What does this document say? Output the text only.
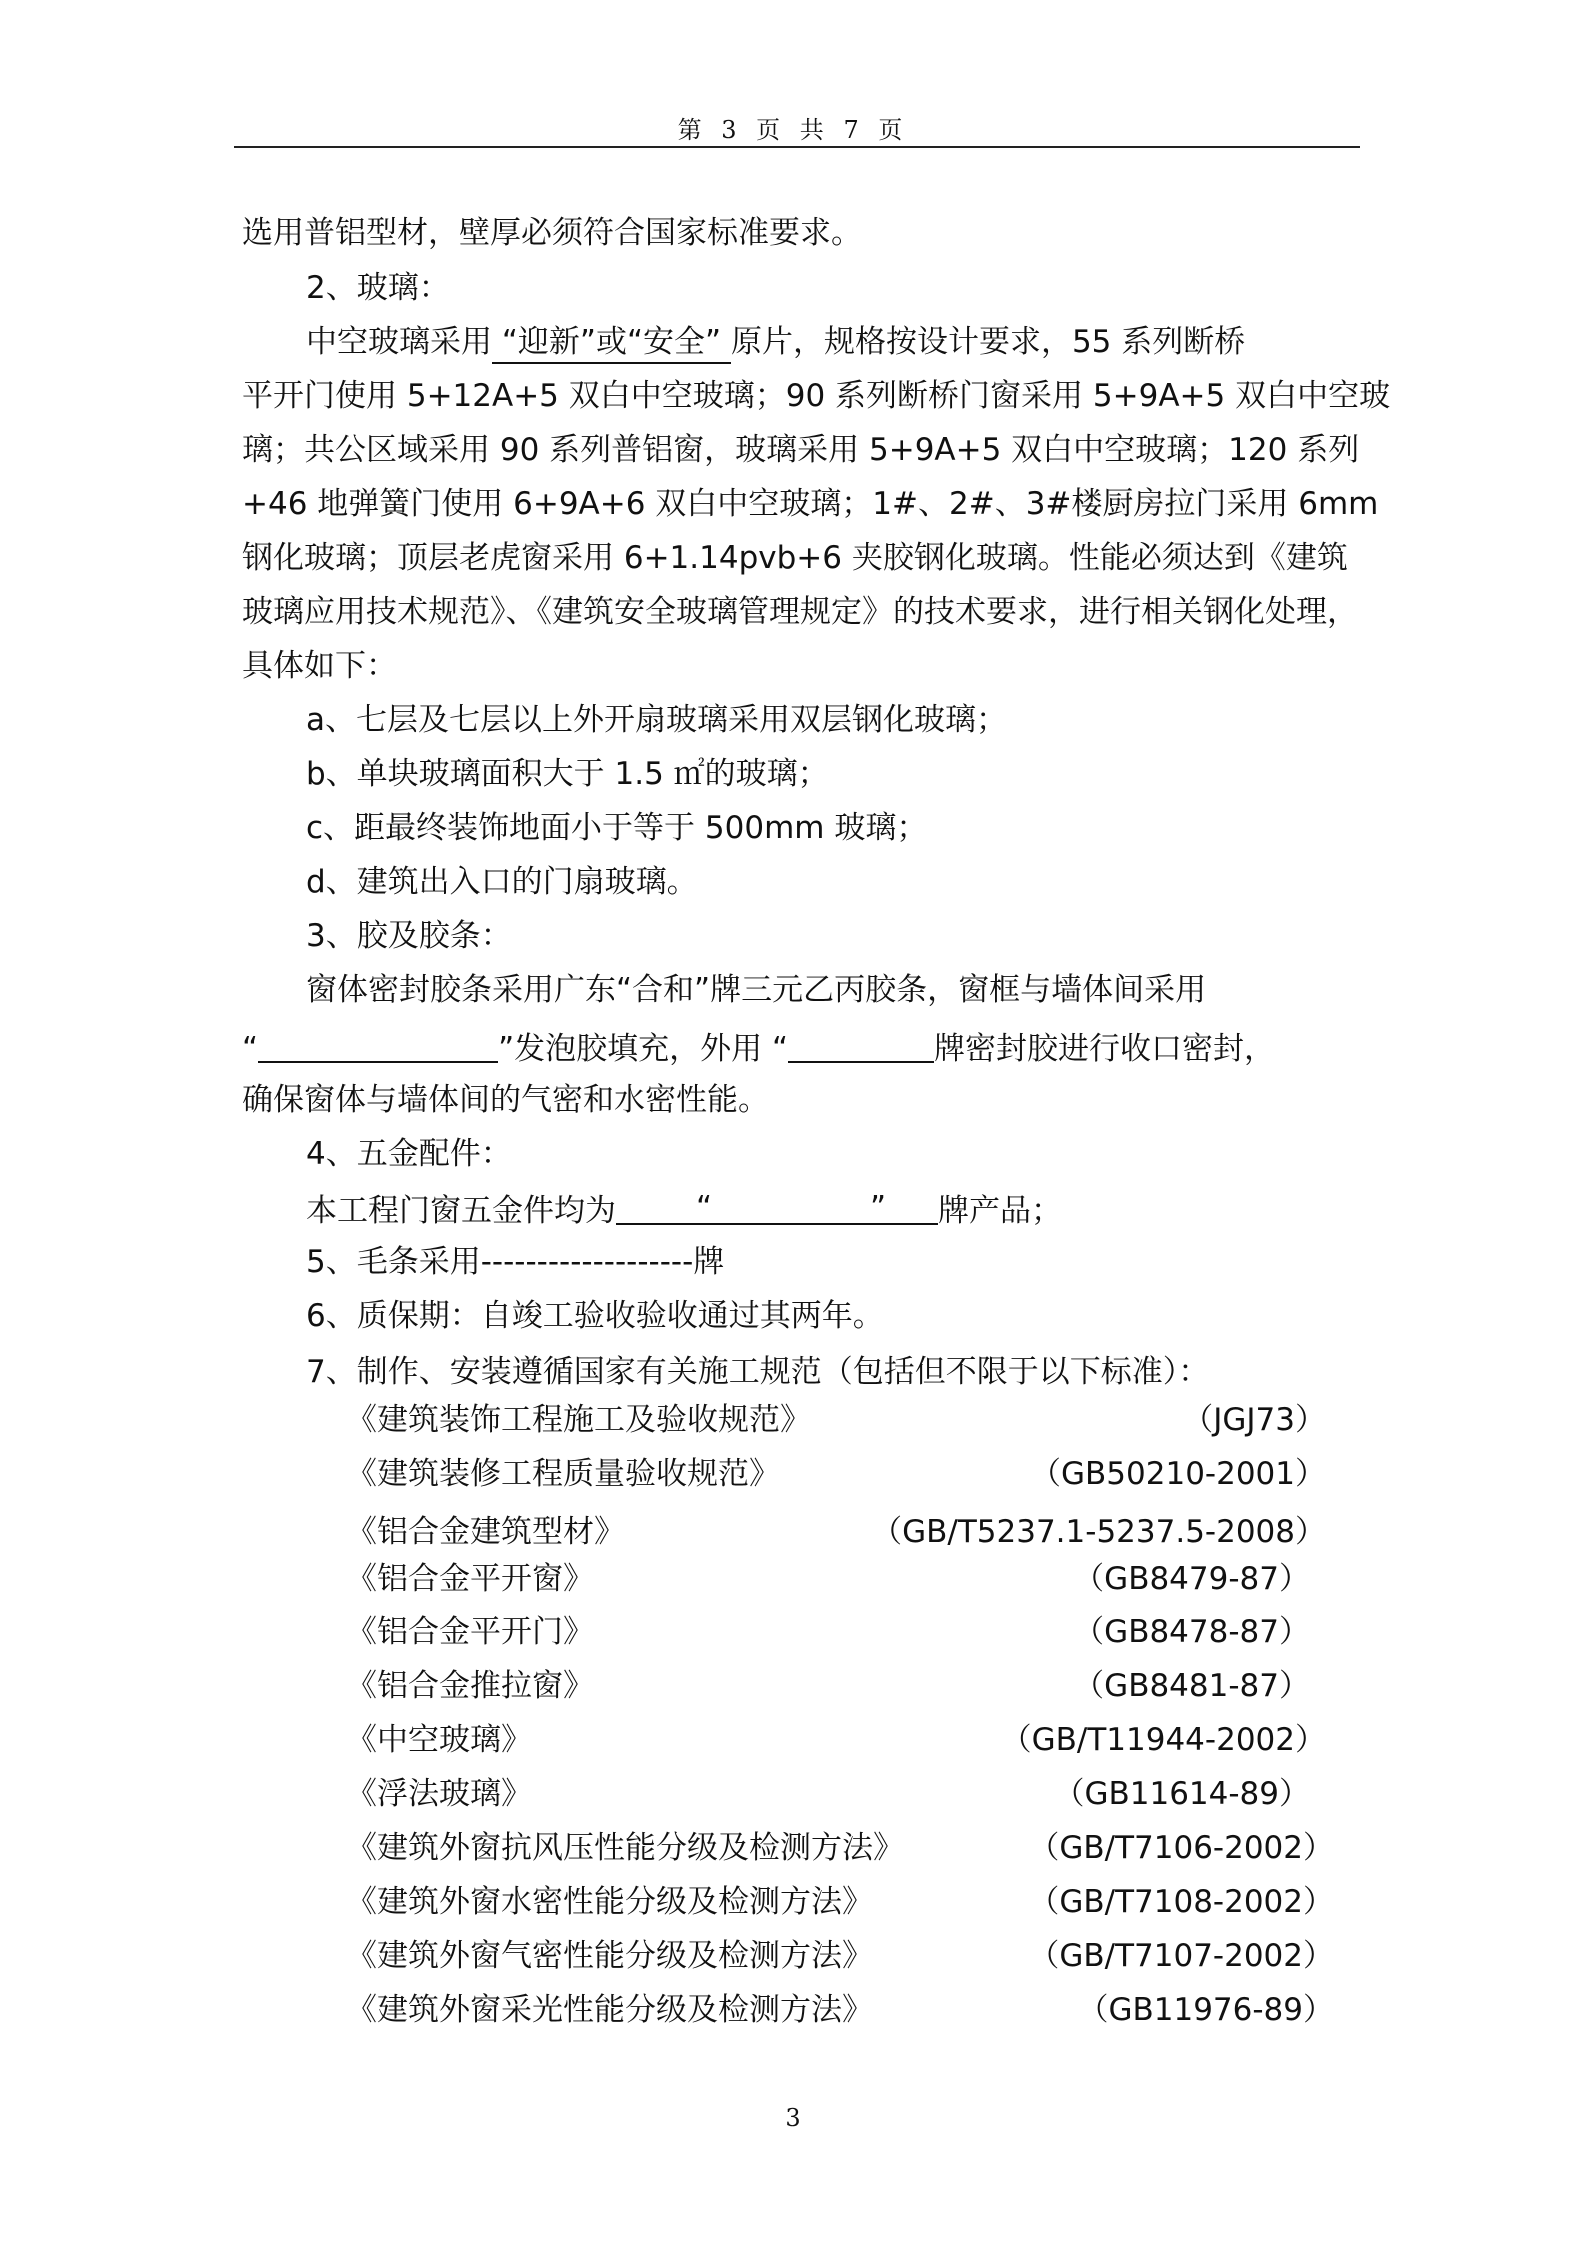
第 3 页 共 7 页
选用普铝型材，壁厚必须符合国家标准要求。
2、玻璃：
中空玻璃采用 “迎新”或“安全” 原片，规格按设计要求，55 系列断桥
平开门使用 5+12A+5 双白中空玻璃；90 系列断桥门窗采用 5+9A+5 双白中空玻
璃；共公区域采用 90 系列普铝窗，玻璃采用 5+9A+5 双白中空玻璃；120 系列
+46 地弹簧门使用 6+9A+6 双白中空玻璃；1#、2#、3#楼厨房拉门采用 6mm
钢化玻璃；顶层老虎窗采用 6+1.14pvb+6 夹胶钢化玻璃。性能必须达到《建筑
玻璃应用技术规范》、《建筑安全玻璃管理规定》的技术要求，进行相关钢化处理，
具体如下：
a、七层及七层以上外开扇玻璃采用双层钢化玻璃；
b、单块玻璃面积大于 1.5 ㎡的玻璃；
c、距最终装饰地面小于等于 500mm 玻璃；
d、建筑出入口的门扇玻璃。
3、胶及胶条：
窗体密封胶条采用广东“合和”牌三元乙丙胶条，窗框与墙体间采用
“	”发泡胶填充，外用 “	牌密封胶进行收口密封，
确保窗体与墙体间的气密和水密性能。
4、五金配件：
本工程门窗五金件均为	“	” 牌产品；
5、毛条采用-------------------牌
6、质保期：自竣工验收验收通过其两年。
7、制作、安装遵循国家有关施工规范（包括但不限于以下标准）：
《建筑装饰工程施工及验收规范》	（JGJ73）
《建筑装修工程质量验收规范》	（GB50210-2001）
《铝合金建筑型材》	（GB/T5237.1-5237.5-2008）
《铝合金平开窗》	（GB8479-87）
《铝合金平开门》	（GB8478-87）
《铝合金推拉窗》	（GB8481-87）
《中空玻璃》	（GB/T11944-2002）
《浮法玻璃》	（GB11614-89）
《建筑外窗抗风压性能分级及检测方法》	（GB/T7106-2002）
《建筑外窗水密性能分级及检测方法》	（GB/T7108-2002）
《建筑外窗气密性能分级及检测方法》	（GB/T7107-2002）
《建筑外窗采光性能分级及检测方法》	（GB11976-89）
3
